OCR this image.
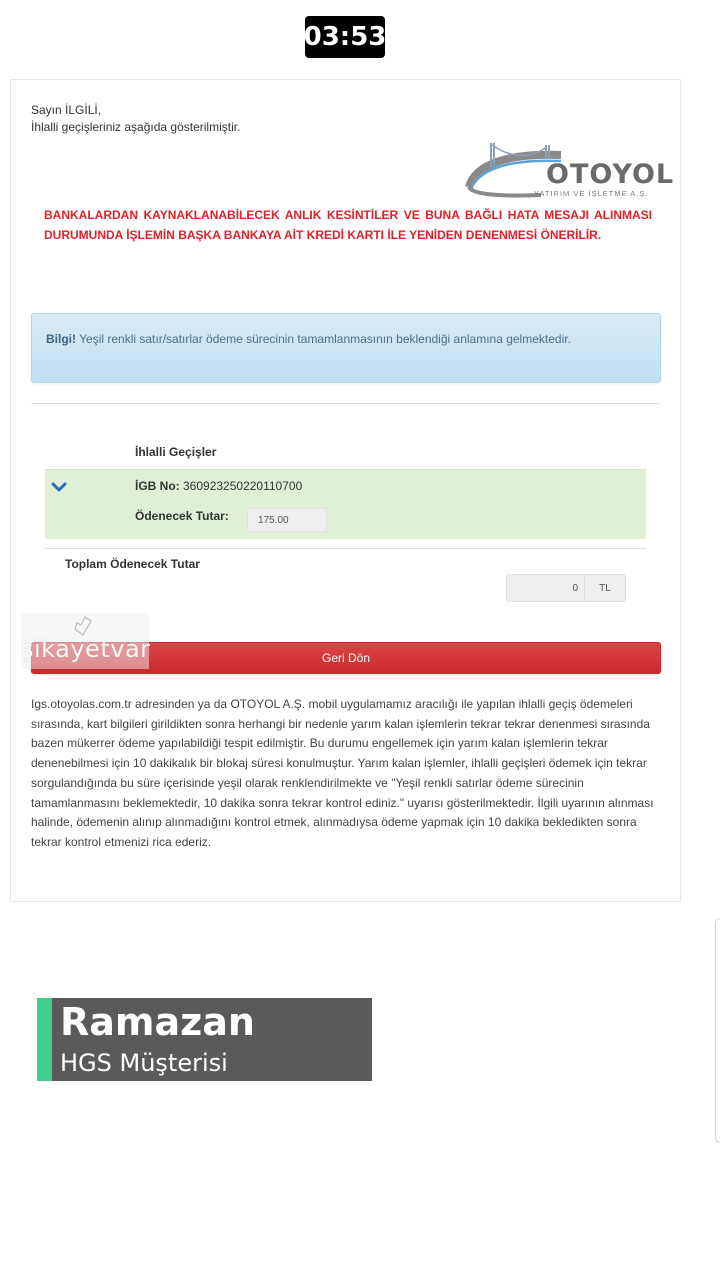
03:53
Sayın İLGİLİ,
İhlalli geçişleriniz aşağıda gösterilmiştir.
OTOYOL
YATIRIM VE İŞLETME A.Ş.
BANKALARDAN KAYNAKLANABİLECEK ANLIK KESİNTİLER VE BUNA BAĞLI HATA MESAJI ALINMASI DURUMUNDA İŞLEMİN BAŞKA BANKAYA AİT KREDİ KARTI İLE YENİDEN DENENMESİ ÖNERİLİR.
Bilgi! Yeşil renkli satır/satırlar ödeme sürecinin tamamlanmasının beklendiği anlamına gelmektedir.
İhlalli Geçişler
İGB No: 360923250220110700
Ödenecek Tutar:	175.00
Toplam Ödenecek Tutar
0	TL
Geri Dön
şikayetvar
Igs.otoyolas.com.tr adresinden ya da OTOYOL A.Ş. mobil uygulamamız aracılığı ile yapılan ihlalli geçiş ödemeleri sırasında, kart bilgileri girildikten sonra herhangi bir nedenle yarım kalan işlemlerin tekrar tekrar denenmesi sırasında bazen mükerrer ödeme yapılabildiği tespit edilmiştir. Bu durumu engellemek için yarım kalan işlemlerin tekrar denenebilmesi için 10 dakikalık bir blokaj süresi konulmuştur. Yarım kalan işlemler, ihlalli geçişleri ödemek için tekrar sorgulandığında bu süre içerisinde yeşil olarak renklendirilmekte ve "Yeşil renkli satırlar ödeme sürecinin tamamlanmasını beklemektedir, 10 dakika sonra tekrar kontrol ediniz." uyarısı gösterilmektedir. İlgili uyarının alınması halinde, ödemenin alınıp alınmadığını kontrol etmek, alınmadıysa ödeme yapmak için 10 dakika bekledikten sonra tekrar kontrol etmenizi rica ederiz.
Ramazan
HGS Müşterisi
